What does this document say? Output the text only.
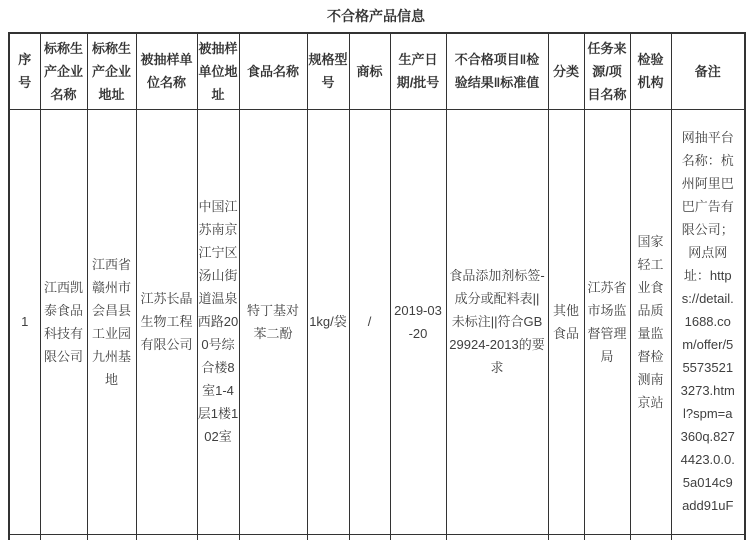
不合格产品信息
序号	标称生产企业名称	标称生产企业地址	被抽样单位名称	被抽样单位地址	食品名称	规格型号	商标	生产日期/批号	不合格项目‖检验结果‖标准值	分类	任务来源/项目名称	检验机构	备注
1	江西凯泰食品科技有限公司	江西省赣州市会昌县工业园九州基地	江苏长晶生物工程有限公司	中国江苏南京江宁区汤山街道温泉西路200号综合楼8室1-4层1楼102室	特丁基对苯二酚	1kg/袋	/	2019-03-20	食品添加剂标签-成分或配料表||未标注||符合GB29924-2013的要求	其他食品	江苏省市场监督管理局	国家轻工业食品质量监督检测南京站	网抽平台名称：杭州阿里巴巴广告有限公司；网点网址：https://detail.1688.com/offer/555735213273.html?spm=a360q.8274423.0.0.5a014c9add91uF
